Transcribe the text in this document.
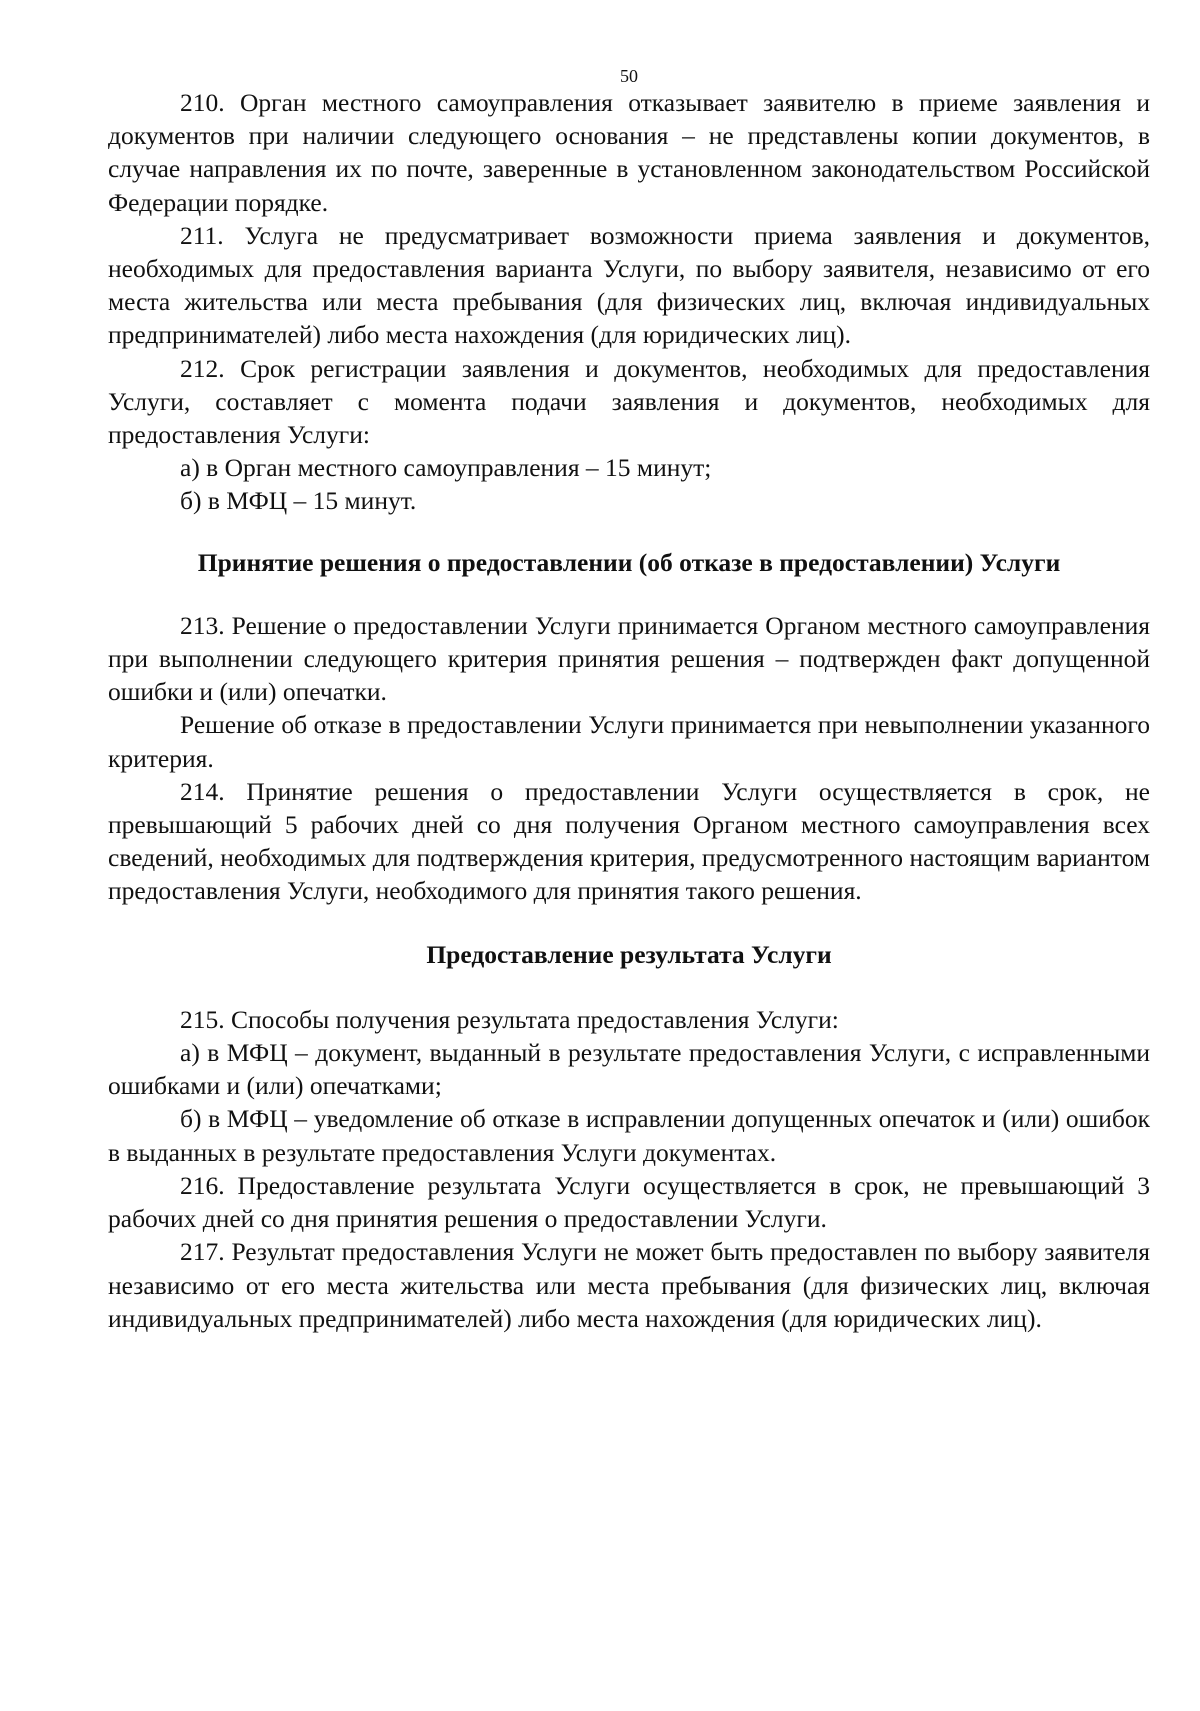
50

210. Орган местного самоуправления отказывает заявителю в приеме заявления и документов при наличии следующего основания – не представлены копии документов, в случае направления их по почте, заверенные в установленном законодательством Российской Федерации порядке.

211. Услуга не предусматривает возможности приема заявления и документов, необходимых для предоставления варианта Услуги, по выбору заявителя, независимо от его места жительства или места пребывания (для физических лиц, включая индивидуальных предпринимателей) либо места нахождения (для юридических лиц).

212. Срок регистрации заявления и документов, необходимых для предоставления Услуги, составляет с момента подачи заявления и документов, необходимых для предоставления Услуги:

а) в Орган местного самоуправления – 15 минут;

б) в МФЦ – 15 минут.

Принятие решения о предоставлении (об отказе в предоставлении) Услуги

213. Решение о предоставлении Услуги принимается Органом местного самоуправления при выполнении следующего критерия принятия решения – подтвержден факт допущенной ошибки и (или) опечатки.

Решение об отказе в предоставлении Услуги принимается при невыполнении указанного критерия.

214. Принятие решения о предоставлении Услуги осуществляется в срок, не превышающий 5 рабочих дней со дня получения Органом местного самоуправления всех сведений, необходимых для подтверждения критерия, предусмотренного настоящим вариантом предоставления Услуги, необходимого для принятия такого решения.

Предоставление результата Услуги

215. Способы получения результата предоставления Услуги:

а) в МФЦ – документ, выданный в результате предоставления Услуги, с исправленными ошибками и (или) опечатками;

б) в МФЦ – уведомление об отказе в исправлении допущенных опечаток и (или) ошибок в выданных в результате предоставления Услуги документах.

216. Предоставление результата Услуги осуществляется в срок, не превышающий 3 рабочих дней со дня принятия решения о предоставлении Услуги.

217. Результат предоставления Услуги не может быть предоставлен по выбору заявителя независимо от его места жительства или места пребывания (для физических лиц, включая индивидуальных предпринимателей) либо места нахождения (для юридических лиц).
